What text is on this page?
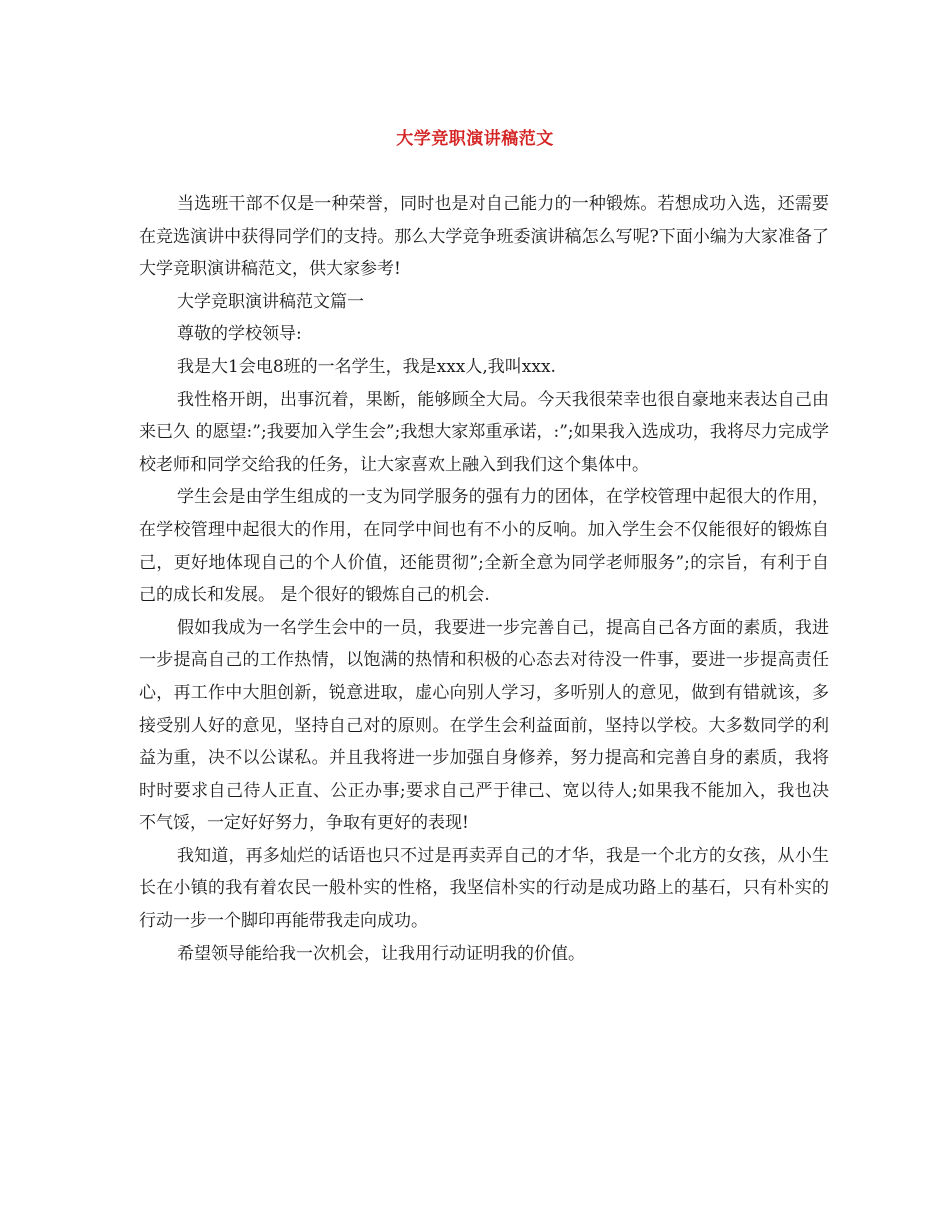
大学竞职演讲稿范文

当选班干部不仅是一种荣誉，同时也是对自己能力的一种锻炼。若想成功入选，还需要在竞选演讲中获得同学们的支持。那么大学竞争班委演讲稿怎么写呢?下面小编为大家准备了大学竞职演讲稿范文，供大家参考!

大学竞职演讲稿范文篇一

尊敬的学校领导:

我是大1会电8班的一名学生，我是xxx人,我叫xxx.

我性格开朗，出事沉着，果断，能够顾全大局。今天我很荣幸也很自豪地来表达自己由来已久 的愿望:”;我要加入学生会”;我想大家郑重承诺，:”;如果我入选成功，我将尽力完成学校老师和同学交给我的任务，让大家喜欢上融入到我们这个集体中。

学生会是由学生组成的一支为同学服务的强有力的团体，在学校管理中起很大的作用，在学校管理中起很大的作用，在同学中间也有不小的反响。加入学生会不仅能很好的锻炼自己，更好地体现自己的个人价值，还能贯彻”;全新全意为同学老师服务”;的宗旨，有利于自己的成长和发展。 是个很好的锻炼自己的机会.

假如我成为一名学生会中的一员，我要进一步完善自己，提高自己各方面的素质，我进一步提高自己的工作热情，以饱满的热情和积极的心态去对待没一件事，要进一步提高责任心，再工作中大胆创新，锐意进取，虚心向别人学习，多听别人的意见，做到有错就该，多接受别人好的意见，坚持自己对的原则。在学生会利益面前，坚持以学校。大多数同学的利益为重，决不以公谋私。并且我将进一步加强自身修养，努力提高和完善自身的素质，我将时时要求自己待人正直、公正办事;要求自己严于律己、宽以待人;如果我不能加入，我也决不气馁，一定好好努力，争取有更好的表现!

我知道，再多灿烂的话语也只不过是再卖弄自己的才华，我是一个北方的女孩，从小生长在小镇的我有着农民一般朴实的性格，我坚信朴实的行动是成功路上的基石，只有朴实的行动一步一个脚印再能带我走向成功。

希望领导能给我一次机会，让我用行动证明我的价值。
